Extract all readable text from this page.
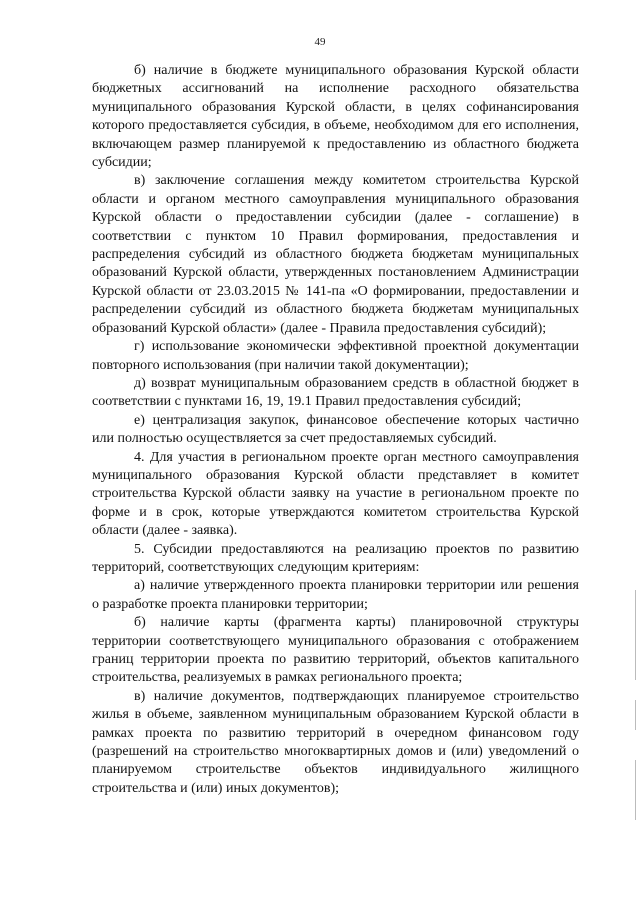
49

б) наличие в бюджете муниципального образования Курской области бюджетных ассигнований на исполнение расходного обязательства муниципального образования Курской области, в целях софинансирования которого предоставляется субсидия, в объеме, необходимом для его исполнения, включающем размер планируемой к предоставлению из областного бюджета субсидии;

в) заключение соглашения между комитетом строительства Курской области и органом местного самоуправления муниципального образования Курской области о предоставлении субсидии (далее - соглашение) в соответствии с пунктом 10 Правил формирования, предоставления и распределения субсидий из областного бюджета бюджетам муниципальных образований Курской области, утвержденных постановлением Администрации Курской области от 23.03.2015 № 141-па «О формировании, предоставлении и распределении субсидий из областного бюджета бюджетам муниципальных образований Курской области» (далее - Правила предоставления субсидий);

г) использование экономически эффективной проектной документации повторного использования (при наличии такой документации);

д) возврат муниципальным образованием средств в областной бюджет в соответствии с пунктами 16, 19, 19.1 Правил предоставления субсидий;

е) централизация закупок, финансовое обеспечение которых частично или полностью осуществляется за счет предоставляемых субсидий.

4. Для участия в региональном проекте орган местного самоуправления муниципального образования Курской области представляет в комитет строительства Курской области заявку на участие в региональном проекте по форме и в срок, которые утверждаются комитетом строительства Курской области (далее - заявка).

5. Субсидии предоставляются на реализацию проектов по развитию территорий, соответствующих следующим критериям:

а) наличие утвержденного проекта планировки территории или решения о разработке проекта планировки территории;

б) наличие карты (фрагмента карты) планировочной структуры территории соответствующего муниципального образования с отображением границ территории проекта по развитию территорий, объектов капитального строительства, реализуемых в рамках регионального проекта;

в) наличие документов, подтверждающих планируемое строительство жилья в объеме, заявленном муниципальным образованием Курской области в рамках проекта по развитию территорий в очередном финансовом году (разрешений на строительство многоквартирных домов и (или) уведомлений о планируемом строительстве объектов индивидуального жилищного строительства и (или) иных документов);
